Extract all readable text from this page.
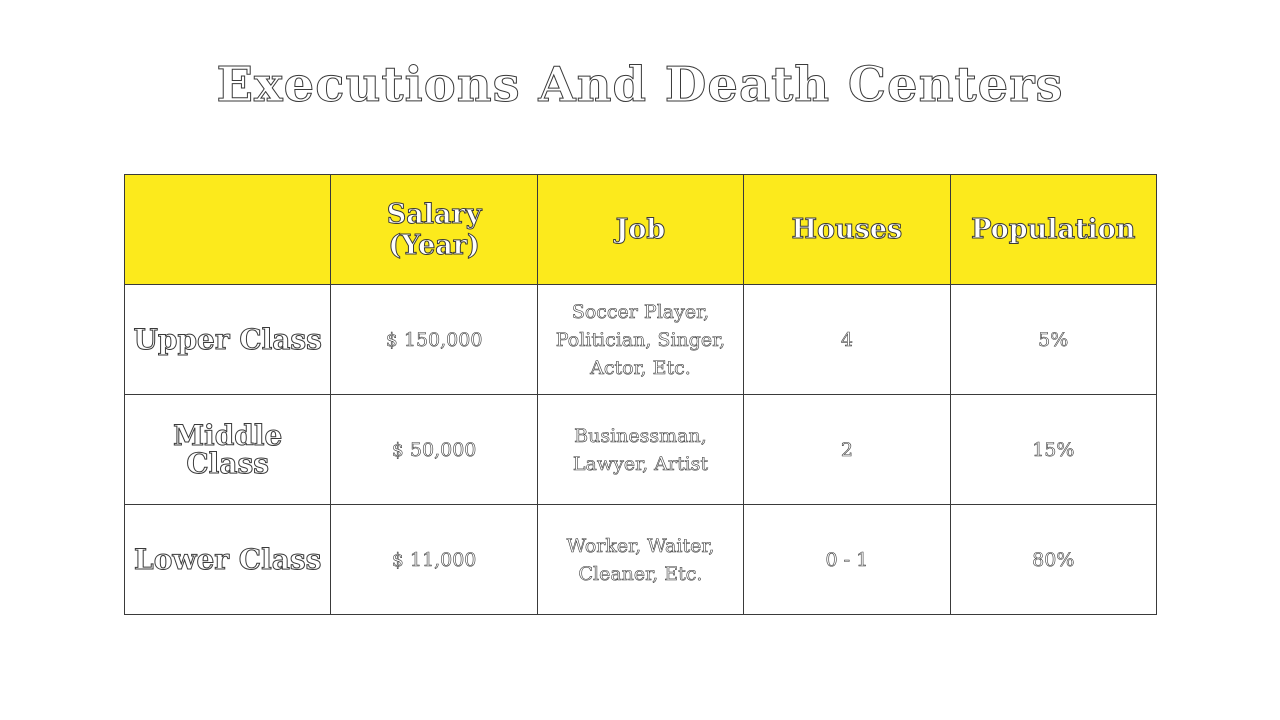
Executions And Death Centers
	Salary (Year)	Job	Houses	Population
Upper Class	$ 150,000	Soccer Player,
Politician, Singer,
Actor, Etc.	4	5%
Middle Class	$ 50,000	Businessman,
Lawyer, Artist	2	15%
Lower Class	$ 11,000	Worker, Waiter,
Cleaner, Etc.	0 - 1	80%
